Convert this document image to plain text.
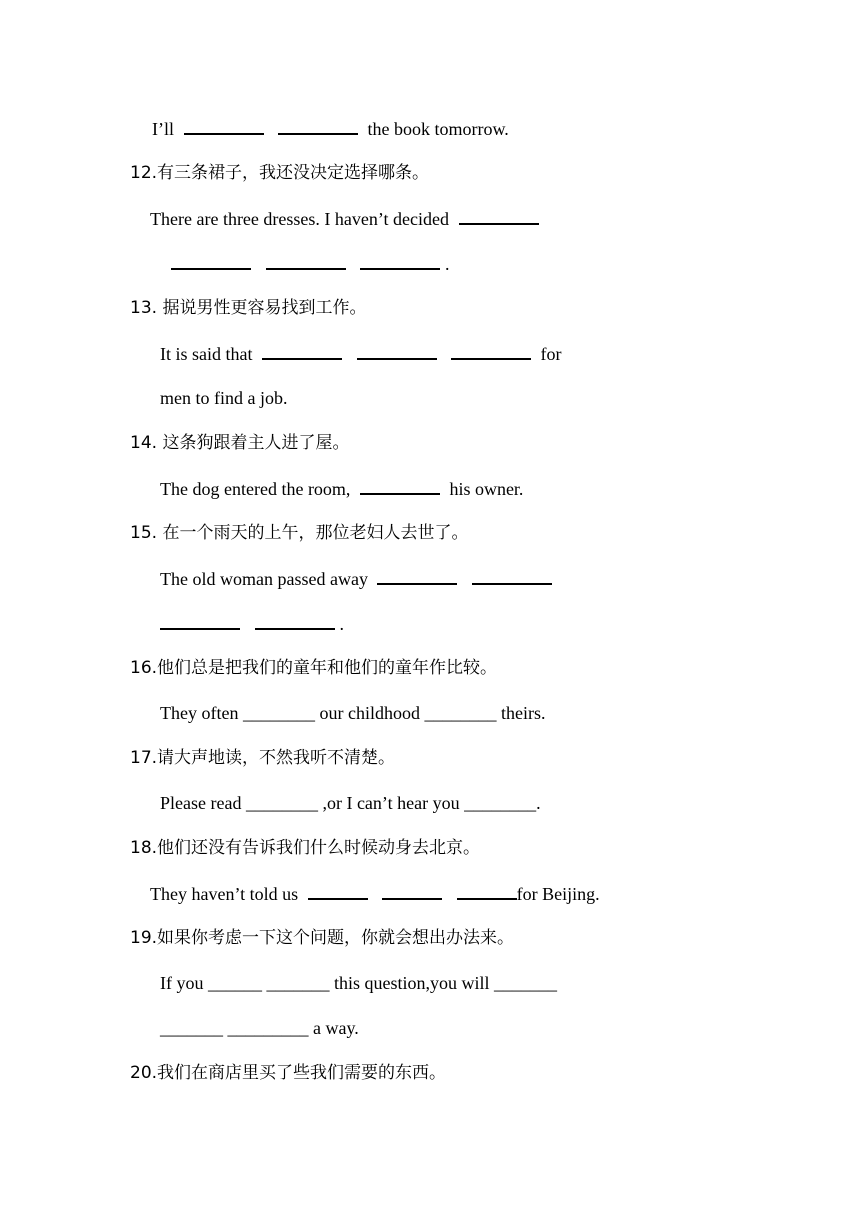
I’ll	the book tomorrow.
12.有三条裙子，我还没决定选择哪条。
There are three dresses. I haven’t decided
.
13. 据说男性更容易找到工作。
It is said that	for
men to find a job.
14. 这条狗跟着主人进了屋。
The dog entered the room,	his owner.
15. 在一个雨天的上午，那位老妇人去世了。
The old woman passed away
.
16.他们总是把我们的童年和他们的童年作比较。
They often ________ our childhood ________ theirs.
17.请大声地读，不然我听不清楚。
Please read ________ ,or I can’t hear you ________.
18.他们还没有告诉我们什么时候动身去北京。
They haven’t told us	for Beijing.
19.如果你考虑一下这个问题，你就会想出办法来。
If you ______ _______ this question,you will _______
_______ _________ a way.
20.我们在商店里买了些我们需要的东西。
